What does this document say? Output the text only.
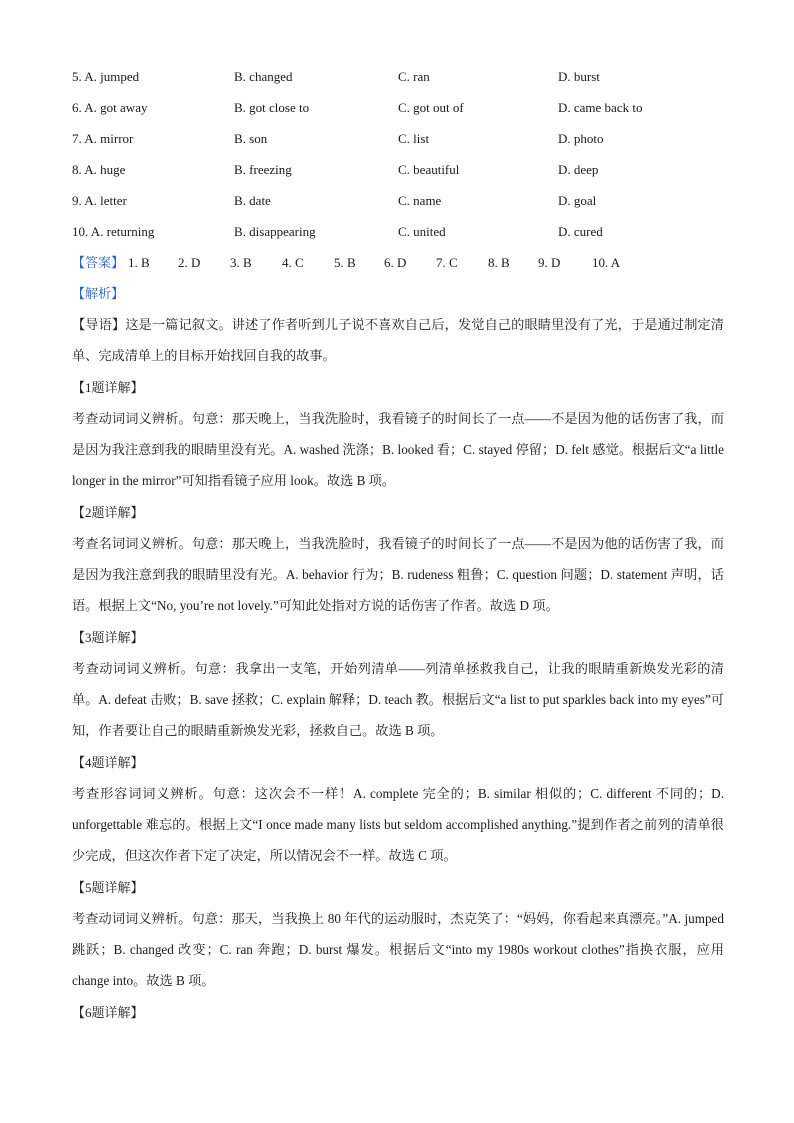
5. A. jumped	B. changed	C. ran	D. burst
6. A. got away	B. got close to	C. got out of	D. came back to
7. A. mirror	B. son	C. list	D. photo
8. A. huge	B. freezing	C. beautiful	D. deep
9. A. letter	B. date	C. name	D. goal
10. A. returning	B. disappearing	C. united	D. cured
【答案】 1. B 2. D 3. B 4. C 5. B 6. D 7. C 8. B 9. D 10. A
【解析】
【导语】这是一篇记叙文。讲述了作者听到儿子说不喜欢自己后，发觉自己的眼睛里没有了光，于是通过制定清单、完成清单上的目标开始找回自我的故事。
【1题详解】
考查动词词义辨析。句意：那天晚上，当我洗脸时，我看镜子的时间长了一点——不是因为他的话伤害了我，而是因为我注意到我的眼睛里没有光。A. washed 洗涤；B. looked 看；C. stayed 停留；D. felt 感觉。根据后文“a little longer in the mirror”可知指看镜子应用 look。故选 B 项。
【2题详解】
考查名词词义辨析。句意：那天晚上，当我洗脸时，我看镜子的时间长了一点——不是因为他的话伤害了我，而是因为我注意到我的眼睛里没有光。A. behavior 行为；B. rudeness 粗鲁；C. question 问题；D. statement 声明，话语。根据上文“No, you’re not lovely.”可知此处指对方说的话伤害了作者。故选 D 项。
【3题详解】
考查动词词义辨析。句意：我拿出一支笔，开始列清单——列清单拯救我自己，让我的眼睛重新焕发光彩的清单。A. defeat 击败；B. save 拯救；C. explain 解释；D. teach 教。根据后文“a list to put sparkles back into my eyes”可知，作者要让自己的眼睛重新焕发光彩，拯救自己。故选 B 项。
【4题详解】
考查形容词词义辨析。句意：这次会不一样！A. complete 完全的；B. similar 相似的；C. different 不同的；D. unforgettable 难忘的。根据上文“I once made many lists but seldom accomplished anything.”提到作者之前列的清单很少完成，但这次作者下定了决定，所以情况会不一样。故选 C 项。
【5题详解】
考查动词词义辨析。句意：那天，当我换上 80 年代的运动服时，杰克笑了：“妈妈，你看起来真漂亮。”A. jumped 跳跃；B. changed 改变；C. ran 奔跑；D. burst 爆发。根据后文“into my 1980s workout clothes”指换衣服，应用 change into。故选 B 项。
【6题详解】
